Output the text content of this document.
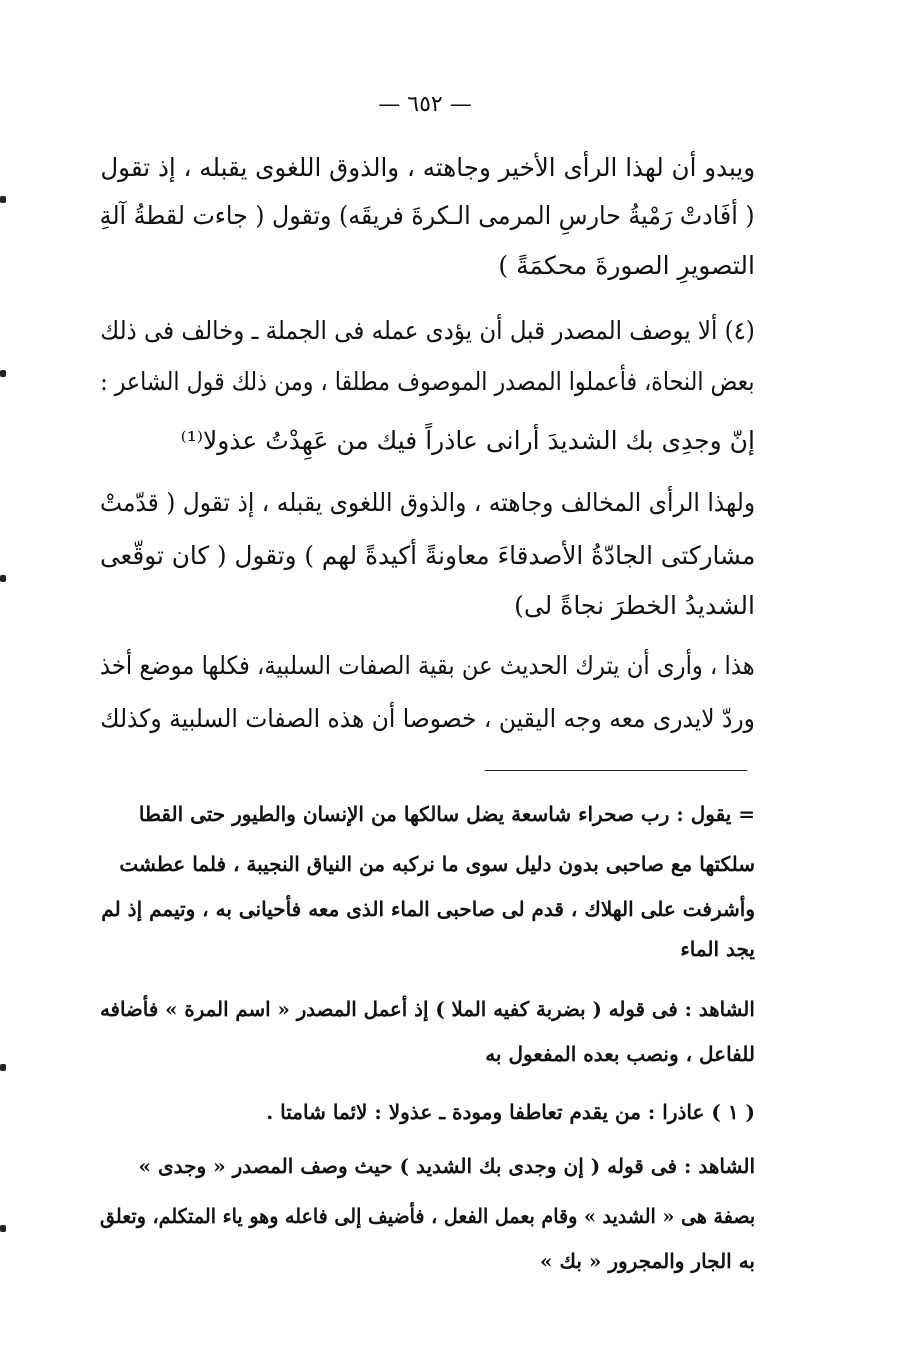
— ٦٥٢ —
ويبدو أن لهذا الرأى الأخير وجاهته ، والذوق اللغوى يقبله ، إذ تقول
( أفَادتْ رَمْيةُ حارسِ المرمى الـكرةَ فريقَه) وتقول ( جاءت لقطةُ آلةِ
التصويرِ الصورةَ محكمَةً )
(٤) ألا يوصف المصدر قبل أن يؤدى عمله فى الجملة ـ وخالف فى ذلك
بعض النحاة، فأعملوا المصدر الموصوف مطلقا ، ومن ذلك قول الشاعر :
إنّ وجدِى بك الشديدَ أرانى عاذراً فيك من عَهِدْتُ عذولا⁽¹⁾
ولهذا الرأى المخالف وجاهته ، والذوق اللغوى يقبله ، إذ تقول ( قدّمتْ
مشاركتى الجادّةُ الأصدقاءَ معاونةً أكيدةً لهم ) وتقول ( كان توقّعى
الشديدُ الخطرَ نجاةً لى)
هذا ، وأرى أن يترك الحديث عن بقية الصفات السلبية، فكلها موضع أخذ
وردّ لايدرى معه وجه اليقين ، خصوصا أن هذه الصفات السلبية وكذلك
= يقول : رب صحراء شاسعة يضل سالكها من الإنسان والطيور حتى القطا
سلكتها مع صاحبى بدون دليل سوى ما نركبه من النياق النجيبة ، فلما عطشت
وأشرفت على الهلاك ، قدم لى صاحبى الماء الذى معه فأحيانى به ، وتيمم إذ لم
يجد الماء
الشاهد : فى قوله ( بضربة كفيه الملا ) إذ أعمل المصدر « اسم المرة » فأضافه
للفاعل ، ونصب بعده المفعول به
( ١ ) عاذرا : من يقدم تعاطفا ومودة ـ عذولا : لائما شامتا .
الشاهد : فى قوله ( إن وجدى بك الشديد ) حيث وصف المصدر « وجدى »
بصفة هى « الشديد » وقام بعمل الفعل ، فأضيف إلى فاعله وهو ياء المتكلم، وتعلق
به الجار والمجرور « بك »
